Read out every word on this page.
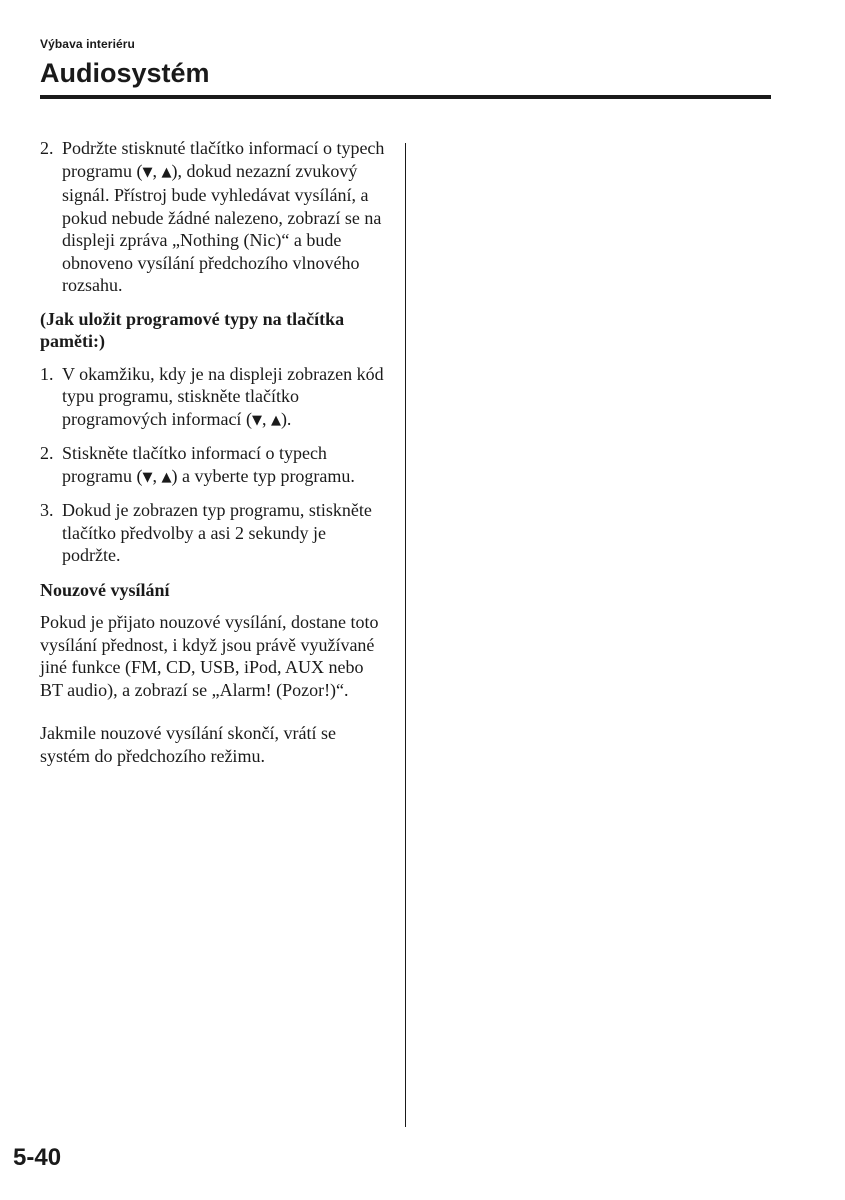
Výbava interiéru
Audiosystém
2. Podržte stisknuté tlačítko informací o typech programu (▼, ▲), dokud nezazní zvukový signál. Přístroj bude vyhledávat vysílání, a pokud nebude žádné nalezeno, zobrazí se na displeji zpráva „Nothing (Nic)“ a bude obnoveno vysílání předchozího vlnového rozsahu.

(Jak uložit programové typy na tlačítka paměti:)

1. V okamžiku, kdy je na displeji zobrazen kód typu programu, stiskněte tlačítko programových informací (▼, ▲).
2. Stiskněte tlačítko informací o typech programu (▼, ▲) a vyberte typ programu.
3. Dokud je zobrazen typ programu, stiskněte tlačítko předvolby a asi 2 sekundy je podržte.

Nouzové vysílání

Pokud je přijato nouzové vysílání, dostane toto vysílání přednost, i když jsou právě využívané jiné funkce (FM, CD, USB, iPod, AUX nebo BT audio), a zobrazí se „Alarm! (Pozor!)“.

Jakmile nouzové vysílání skončí, vrátí se systém do předchozího režimu.

5-40
